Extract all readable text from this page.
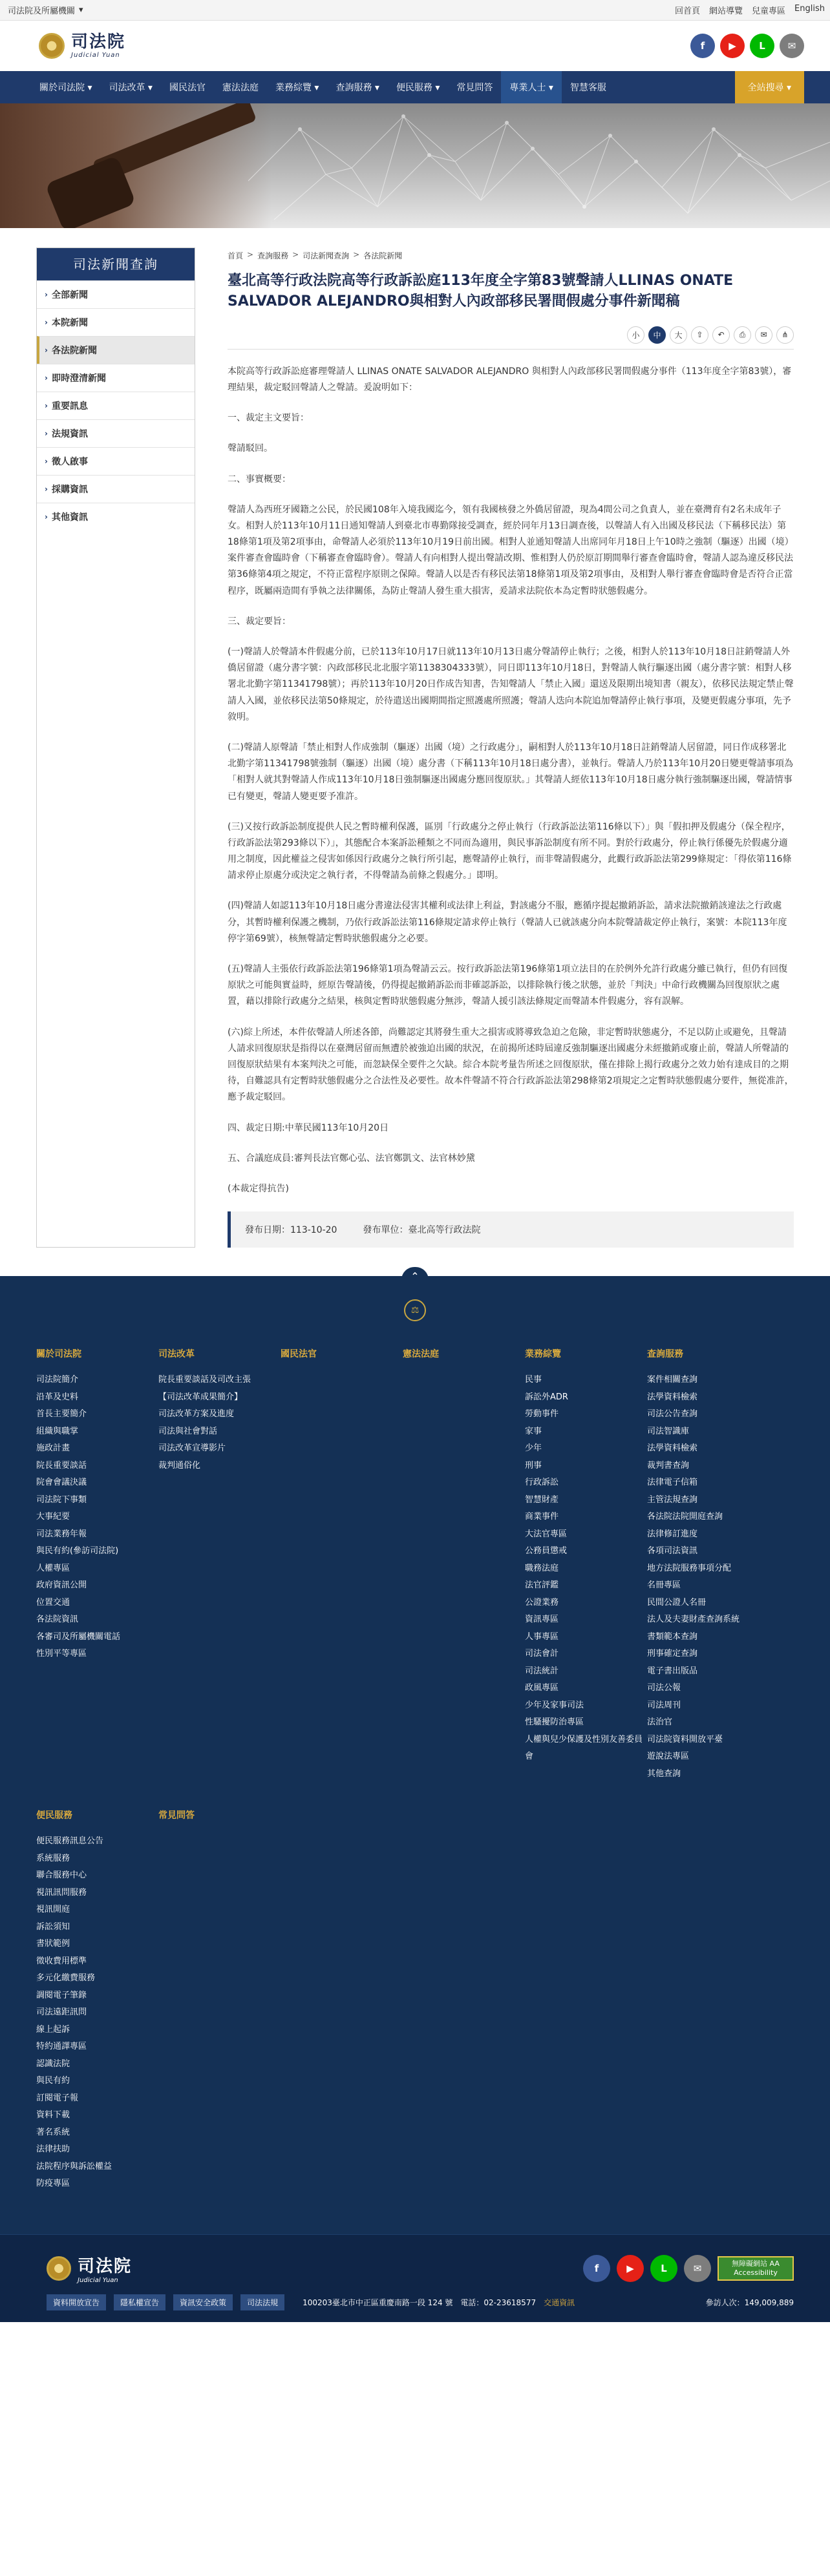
司法院及所屬機關 ▾	回首頁 網站導覽 兒童專區 English
司法院
Judicial Yuan
f	▶	L	✉
關於司法院 ▾	司法改革 ▾	國民法官	憲法法庭	業務綜覽 ▾	查詢服務 ▾	便民服務 ▾	常見問答	專業人士 ▾	智慧客服	全站搜尋 ▾
司法新聞查詢
› 全部新聞
› 本院新聞
› 各法院新聞
› 即時澄清新聞
› 重要訊息
› 法規資訊
› 徵人啟事
› 採購資訊
› 其他資訊
首頁 > 查詢服務 > 司法新聞查詢 > 各法院新聞
臺北高等行政法院高等行政訴訟庭113年度全字第83號聲請人LLINAS ONATE SALVADOR ALEJANDRO與相對人內政部移民署間假處分事件新聞稿
小	中	大	⇧	↶	⎙	✉	⋔

本院高等行政訴訟庭審理聲請人 LLINAS ONATE SALVADOR ALEJANDRO 與相對人內政部移民署間假處分事件（113年度全字第83號），審理結果，裁定駁回聲請人之聲請。爰說明如下：

一、裁定主文要旨：

聲請駁回。

二、事實概要：

聲請人為西班牙國籍之公民，於民國108年入境我國迄今，領有我國核發之外僑居留證，現為4間公司之負責人，並在臺灣育有2名未成年子女。相對人於113年10月11日通知聲請人到臺北市專勤隊接受調查，經於同年月13日調查後，以聲請人有入出國及移民法（下稱移民法）第18條第1項及第2項事由，命聲請人必須於113年10月19日前出國。相對人並通知聲請人出席同年月18日上午10時之強制（驅逐）出國（境）案件審查會臨時會（下稱審查會臨時會）。聲請人有向相對人提出聲請改期、惟相對人仍於原訂期間舉行審查會臨時會，聲請人認為違反移民法第36條第4項之規定，不符正當程序原則之保障。聲請人以是否有移民法第18條第1項及第2項事由，及相對人舉行審查會臨時會是否符合正當程序，既屬兩造間有爭執之法律關係，為防止聲請人發生重大損害，爰請求法院依本為定暫時狀態假處分。

三、裁定要旨：

(一)聲請人於聲請本件假處分前，已於113年10月17日就113年10月13日處分聲請停止執行；之後，相對人於113年10月18日註銷聲請人外僑居留證（處分書字號：內政部移民北北服字第1138304333號），同日即113年10月18日，對聲請人執行驅逐出國（處分書字號：相對人移署北北勤字第11341798號）；再於113年10月20日作成告知書，告知聲請人「禁止入國」還送及限期出境知書（親友），依移民法規定禁止聲請人入國，並依移民法第50條規定，於待遣送出國期間指定照護處所照護；聲請人迭向本院追加聲請停止執行事項，及變更假處分事項，先予敘明。

(二)聲請人原聲請「禁止相對人作成強制（驅逐）出國（境）之行政處分」，嗣相對人於113年10月18日註銷聲請人居留證，同日作成移署北北勤字第11341798號強制（驅逐）出國（境）處分書（下稱113年10月18日處分書），並執行。聲請人乃於113年10月20日變更聲請事項為「相對人就其對聲請人作成113年10月18日強制驅逐出國處分應回復原狀。」其聲請人經依113年10月18日處分執行強制驅逐出國，聲請情事已有變更，聲請人變更要予准許。

(三)又按行政訴訟制度提供人民之暫時權利保護，區別「行政處分之停止執行（行政訴訟法第116條以下）」與「假扣押及假處分（保全程序，行政訴訟法第293條以下）」，其態配合本案訴訟種類之不同而為適用，與民事訴訟制度有所不同。對於行政處分，停止執行係優先於假處分適用之制度，因此權益之侵害如係因行政處分之執行所引起，應聲請停止執行，而非聲請假處分，此觀行政訴訟法第299條規定：「得依第116條請求停止原處分或決定之執行者，不得聲請為前條之假處分。」即明。

(四)聲請人如認113年10月18日處分書違法侵害其權利或法律上利益，對該處分不服，應循序提起撤銷訴訟，請求法院撤銷該違法之行政處分，其暫時權利保護之機制，乃依行政訴訟法第116條規定請求停止執行（聲請人已就該處分向本院聲請裁定停止執行，案號：本院113年度停字第69號），核無聲請定暫時狀態假處分之必要。

(五)聲請人主張依行政訴訟法第196條第1項為聲請云云。按行政訴訟法第196條第1項立法目的在於例外允許行政處分雖已執行，但仍有回復原狀之可能與實益時，經原告聲請後，仍得提起撤銷訴訟而非確認訴訟，以排除執行後之狀態，並於「判決」中命行政機關為回復原狀之處置，藉以排除行政處分之結果，核與定暫時狀態假處分無涉，聲請人援引該法條規定而聲請本件假處分，容有誤解。

(六)綜上所述，本件依聲請人所述各節，尚難認定其將發生重大之損害或將導致急迫之危險，非定暫時狀態處分，不足以防止或避免，且聲請人請求回復原狀是指得以在臺灣居留而無遭於被強迫出國的狀況，在前揭所述時屆違反強制驅逐出國處分未經撤銷或廢止前，聲請人所聲請的回復原狀結果有本案判決之可能，而忽缺保全要件之欠缺。綜合本院考量告所述之回復原狀，僅在排除上揭行政處分之效力始有達成目的之期待，自難認具有定暫時狀態假處分之合法性及必要性。故本件聲請不符合行政訴訟法第298條第2項規定之定暫時狀態假處分要件，無從准許，應予裁定駁回。

四、裁定日期:中華民國113年10月20日

五、合議庭成員:審判長法官鄭心弘、法官鄭凱文、法官林妙黛

(本裁定得抗告)

發布日期：113-10-20	發布單位：臺北高等行政法院
⌃
⚖
關於司法院
司法院簡介
沿革及史料
首長主要簡介
組織與職掌
施政計畫
院長重要談話
院會會議決議
司法院下事類
大事紀要
司法業務年報
與民有約(參訪司法院)
人權專區
政府資訊公開
位置交通
各法院資訊
各審司及所屬機關電話
性別平等專區
司法改革
院長重要談話及司改主張
【司法改革成果簡介】
司法改革方案及進度
司法與社會對話
司法改革宣導影片
裁判通俗化
國民法官	憲法法庭	業務綜覽
民事
訴訟外ADR
勞動事件
家事
少年
刑事
行政訴訟
智慧財產
商業事件
大法官專區
公務員懲戒
職務法庭
法官評鑑
公證業務
資訊專區
人事專區
司法會計
司法統計
政風專區
少年及家事司法
性騷擾防治專區
人權與兒少保護及性別友善委員會
查詢服務
案件相關查詢
法學資料檢索
司法公告查詢
司法智識庫
法學資料檢索
裁判書查詢
法律電子信箱
主管法規查詢
各法院法院開庭查詢
法律修訂進度
各項司法資訊
地方法院服務事項分配
名冊專區
民間公證人名冊
法人及夫妻財產查詢系統
書類範本查詢
刑事確定查詢
電子書出版品
司法公報
司法周刊
法治官
司法院資料開放平臺
遊說法專區
其他查詢
便民服務
便民服務訊息公告
系統服務
聯合服務中心
視訊訊問服務
視訊開庭
訴訟須知
書狀範例
徵收費用標準
多元化繳費服務
調閱電子筆錄
司法遠距訊問
線上起訴
特約通譯專區
認識法院
與民有約
訂閱電子報
資料下載
著名系統
法律扶助
法院程序與訴訟權益
防疫專區
常見問答
司法院
Judicial Yuan
f	▶	L	✉	無障礙網站 AA Accessibility
資料開放宣告	隱私權宣告	資訊安全政策	司法法規	100203臺北市中正區重慶南路一段 124 號　電話：02-23618577 交通資訊	參訪人次：149,009,889
